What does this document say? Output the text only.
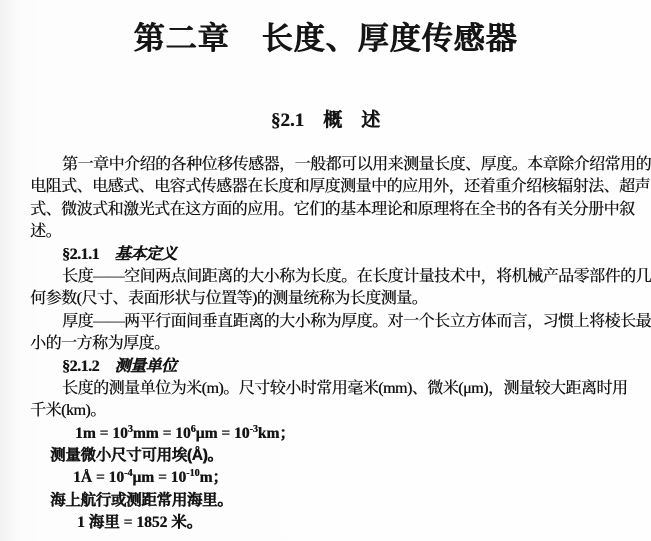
第二章　长度、厚度传感器
§2.1　 概　述
第一章中介绍的各种位移传感器，一般都可以用来测量长度、厚度。本章除介绍常用的
电阻式、电感式、电容式传感器在长度和厚度测量中的应用外，还着重介绍核辐射法、超声
式、微波式和激光式在这方面的应用。它们的基本理论和原理将在全书的各有关分册中叙
述。
§2.1.1　基本定义
长度——空间两点间距离的大小称为长度。在长度计量技术中，将机械产品零部件的几
何参数(尺寸、表面形状与位置等)的测量统称为长度测量。
厚度——两平行面间垂直距离的大小称为厚度。对一个长立方体而言，习惯上将棱长最
小的一方称为厚度。
§2.1.2　测量单位
长度的测量单位为米(m)。尺寸较小时常用毫米(mm)、微米(μm)，测量较大距离时用
千米(km)。
$1m = 10^3mm = 10^6\mu m = 10^{-3}km$；
测量微小尺寸可用埃(Å)。
1Å = $10^{-4}\mu m = 10^{-10}m$；
海上航行或测距常用海里。
1 海里 = 1852 米。
